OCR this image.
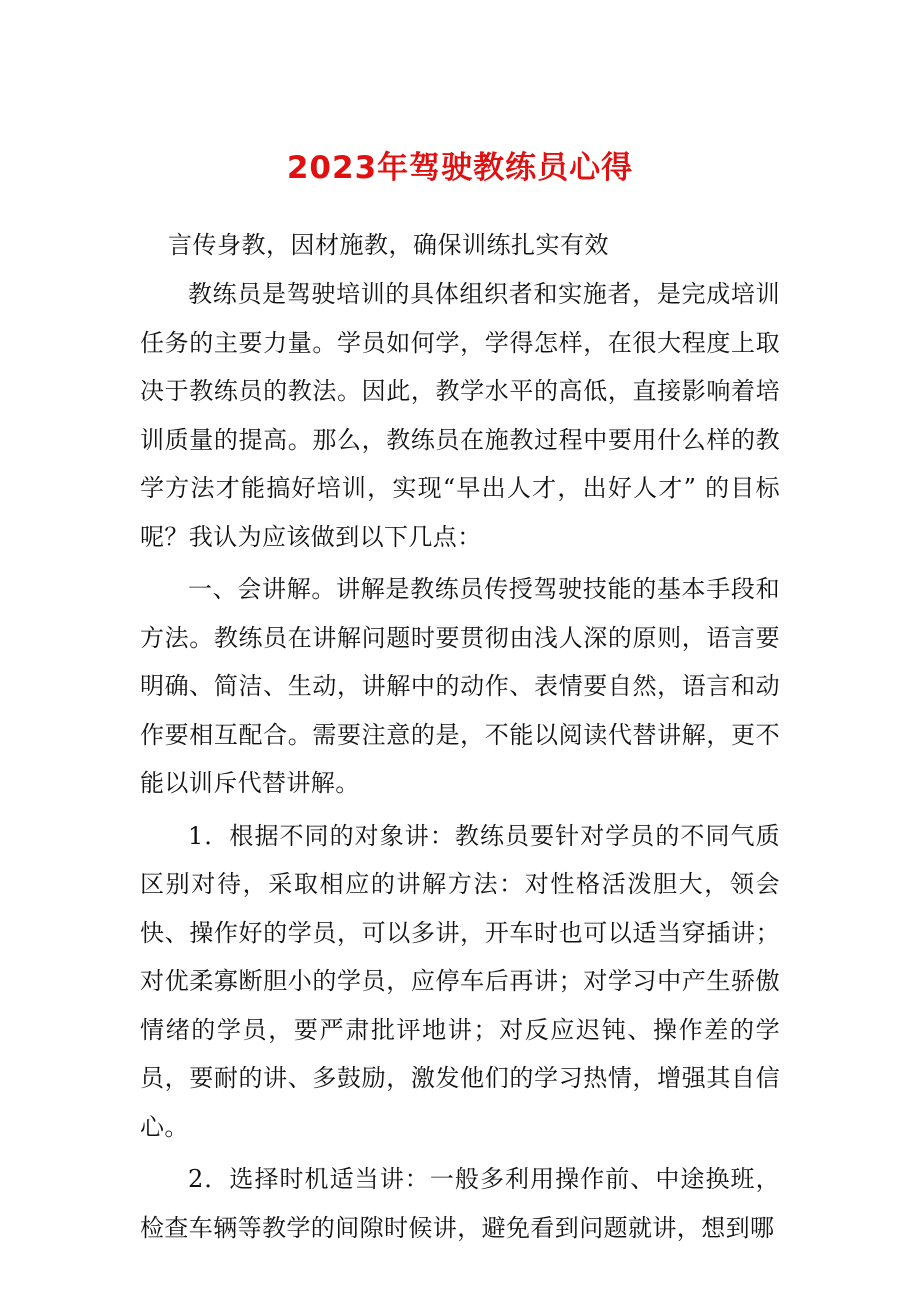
2023年驾驶教练员心得

言传身教，因材施教，确保训练扎实有效

教练员是驾驶培训的具体组织者和实施者，是完成培训任务的主要力量。学员如何学，学得怎样，在很大程度上取决于教练员的教法。因此，教学水平的高低，直接影响着培训质量的提高。那么，教练员在施教过程中要用什么样的教学方法才能搞好培训，实现“早出人才，出好人才” 的目标呢？我认为应该做到以下几点：

一、会讲解。讲解是教练员传授驾驶技能的基本手段和方法。教练员在讲解问题时要贯彻由浅人深的原则，语言要明确、简洁、生动，讲解中的动作、表情要自然，语言和动作要相互配合。需要注意的是，不能以阅读代替讲解，更不能以训斥代替讲解。

1．根据不同的对象讲：教练员要针对学员的不同气质区别对待，采取相应的讲解方法：对性格活泼胆大，领会快、操作好的学员，可以多讲，开车时也可以适当穿插讲；对优柔寡断胆小的学员，应停车后再讲；对学习中产生骄傲情绪的学员，要严肃批评地讲；对反应迟钝、操作差的学员，要耐的讲、多鼓励，激发他们的学习热情，增强其自信心。

2．选择时机适当讲：一般多利用操作前、中途换班，检查车辆等教学的间隙时候讲，避免看到问题就讲，想到哪
